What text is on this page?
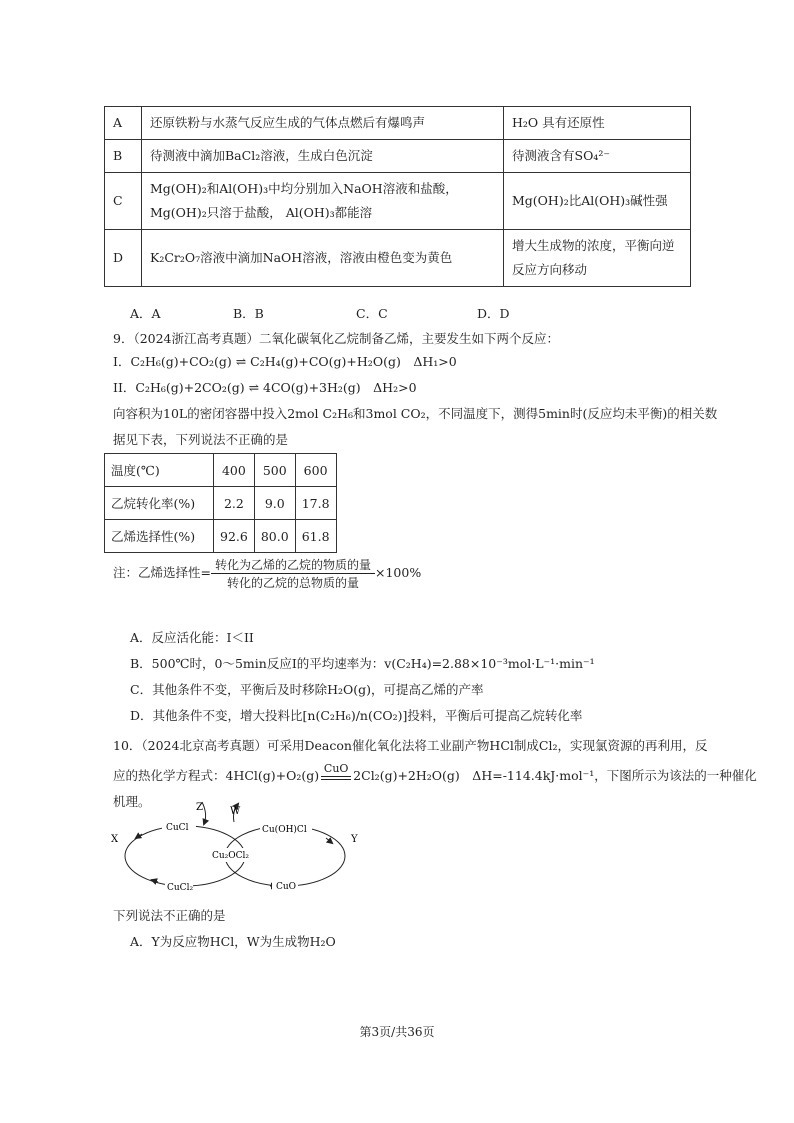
A	还原铁粉与水蒸气反应生成的气体点燃后有爆鸣声	H₂O 具有还原性
B	待测液中滴加BaCl₂溶液，生成白色沉淀	待测液含有SO₄²⁻
C	Mg(OH)₂和Al(OH)₃中均分别加入NaOH溶液和盐酸， Mg(OH)₂只溶于盐酸， Al(OH)₃都能溶	Mg(OH)₂比Al(OH)₃碱性强
D	K₂Cr₂O₇溶液中滴加NaOH溶液，溶液由橙色变为黄色	增大生成物的浓度，平衡向逆反应方向移动
A．A	B．B	C．C	D．D
9．（2024浙江高考真题）二氧化碳氧化乙烷制备乙烯，主要发生如下两个反应：
I．C₂H₆(g)+CO₂(g) ⇌ C₂H₄(g)+CO(g)+H₂O(g)　ΔH₁>0
II．C₂H₆(g)+2CO₂(g) ⇌ 4CO(g)+3H₂(g)　ΔH₂>0
向容积为10L的密闭容器中投入2mol C₂H₆和3mol CO₂，不同温度下，测得5min时(反应均未平衡)的相关数
据见下表，下列说法不正确的是
温度(℃)	400	500	600
乙烷转化率(%)	2.2	9.0	17.8
乙烯选择性(%)	92.6	80.0	61.8
注：乙烯选择性= $\frac{\text{转化为乙烯的乙烷的物质的量}}{\text{转化的乙烷的总物质的量}} \times 100\%$
A．反应活化能：I＜II
B．500℃时，0～5min反应I的平均速率为：v(C₂H₄)=2.88×10⁻³mol·L⁻¹·min⁻¹
C．其他条件不变，平衡后及时移除H₂O(g)，可提高乙烯的产率
D．其他条件不变，增大投料比[n(C₂H₆)/n(CO₂)]投料，平衡后可提高乙烷转化率
10．（2024北京高考真题）可采用Deacon催化氧化法将工业副产物HCl制成Cl₂，实现氯资源的再利用，反
应的热化学方程式：4HCl(g)+O₂(g) CuO 2Cl₂(g)+2H₂O(g)　ΔH=-114.4kJ·mol⁻¹，下图所示为该法的一种催化
机理。
CuCl	Cu(OH)Cl
Cu₂OCl₂
CuCl₂	CuO
X	Y
Z	W
下列说法不正确的是
A．Y为反应物HCl，W为生成物H₂O
第3页/共36页
